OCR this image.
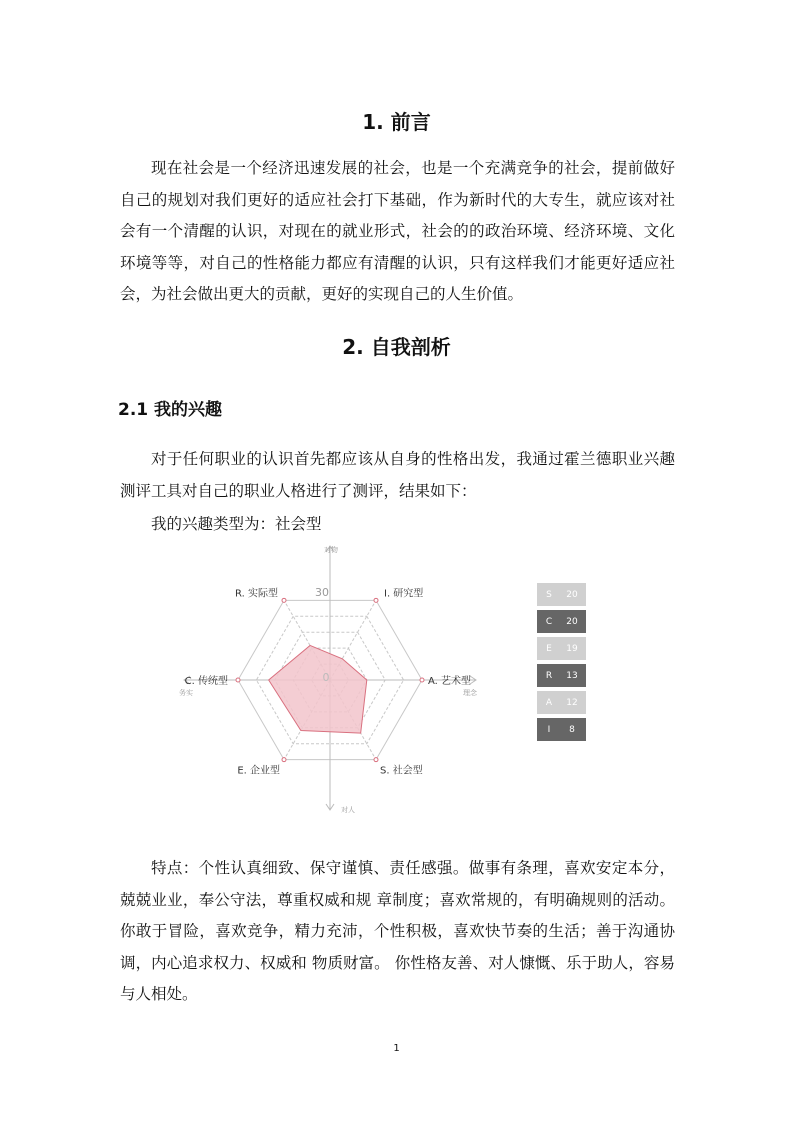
1. 前言

现在社会是一个经济迅速发展的社会，也是一个充满竞争的社会，提前做好自己的规划对我们更好的适应社会打下基础，作为新时代的大专生，就应该对社会有一个清醒的认识，对现在的就业形式，社会的的政治环境、经济环境、文化环境等等，对自己的性格能力都应有清醒的认识，只有这样我们才能更好适应社会，为社会做出更大的贡献，更好的实现自己的人生价值。

2. 自我剖析
2.1 我的兴趣

对于任何职业的认识首先都应该从自身的性格出发，我通过霍兰德职业兴趣测评工具对自己的职业人格进行了测评，结果如下：

我的兴趣类型为：社会型
I. 研究型
A. 艺术型
S. 社会型
E. 企业型
C. 传统型
R. 实际型	30
0
对物
对人
务实	理念
S	20
C	20
E	19
R	13
A	12
I	8

特点：个性认真细致、保守谨慎、责任感强。做事有条理，喜欢安定本分，兢兢业业，奉公守法，尊重权威和规 章制度；喜欢常规的，有明确规则的活动。你敢于冒险，喜欢竞争，精力充沛，个性积极，喜欢快节奏的生活；善于沟通协调，内心追求权力、权威和 物质财富。 你性格友善、对人慷慨、乐于助人，容易与人相处。

1
